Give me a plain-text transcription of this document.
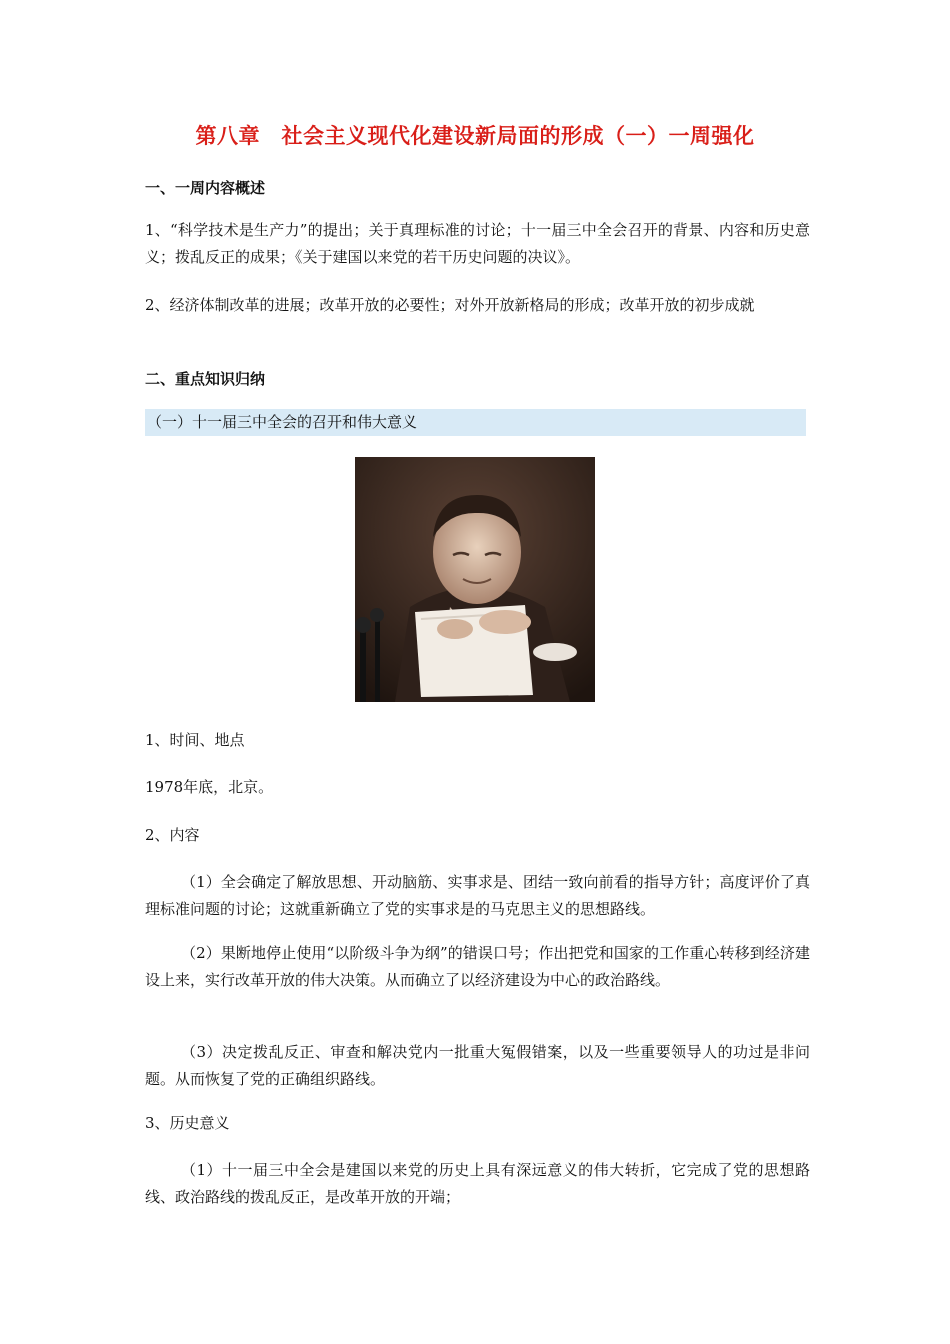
第八章　社会主义现代化建设新局面的形成（一）一周强化
一、一周内容概述

1、“科学技术是生产力”的提出；关于真理标准的讨论；十一届三中全会召开的背景、内容和历史意义；拨乱反正的成果；《关于建国以来党的若干历史问题的决议》。

2、经济体制改革的进展；改革开放的必要性；对外开放新格局的形成；改革开放的初步成就

二、重点知识归纳
（一）十一届三中全会的召开和伟大意义

1、时间、地点

1978年底，北京。

2、内容

（1）全会确定了解放思想、开动脑筋、实事求是、团结一致向前看的指导方针；高度评价了真理标准问题的讨论；这就重新确立了党的实事求是的马克思主义的思想路线。

（2）果断地停止使用“以阶级斗争为纲”的错误口号；作出把党和国家的工作重心转移到经济建设上来，实行改革开放的伟大决策。从而确立了以经济建设为中心的政治路线。

（3）决定拨乱反正、审查和解决党内一批重大冤假错案，以及一些重要领导人的功过是非问题。从而恢复了党的正确组织路线。

3、历史意义

（1）十一届三中全会是建国以来党的历史上具有深远意义的伟大转折，它完成了党的思想路线、政治路线的拨乱反正，是改革开放的开端；
